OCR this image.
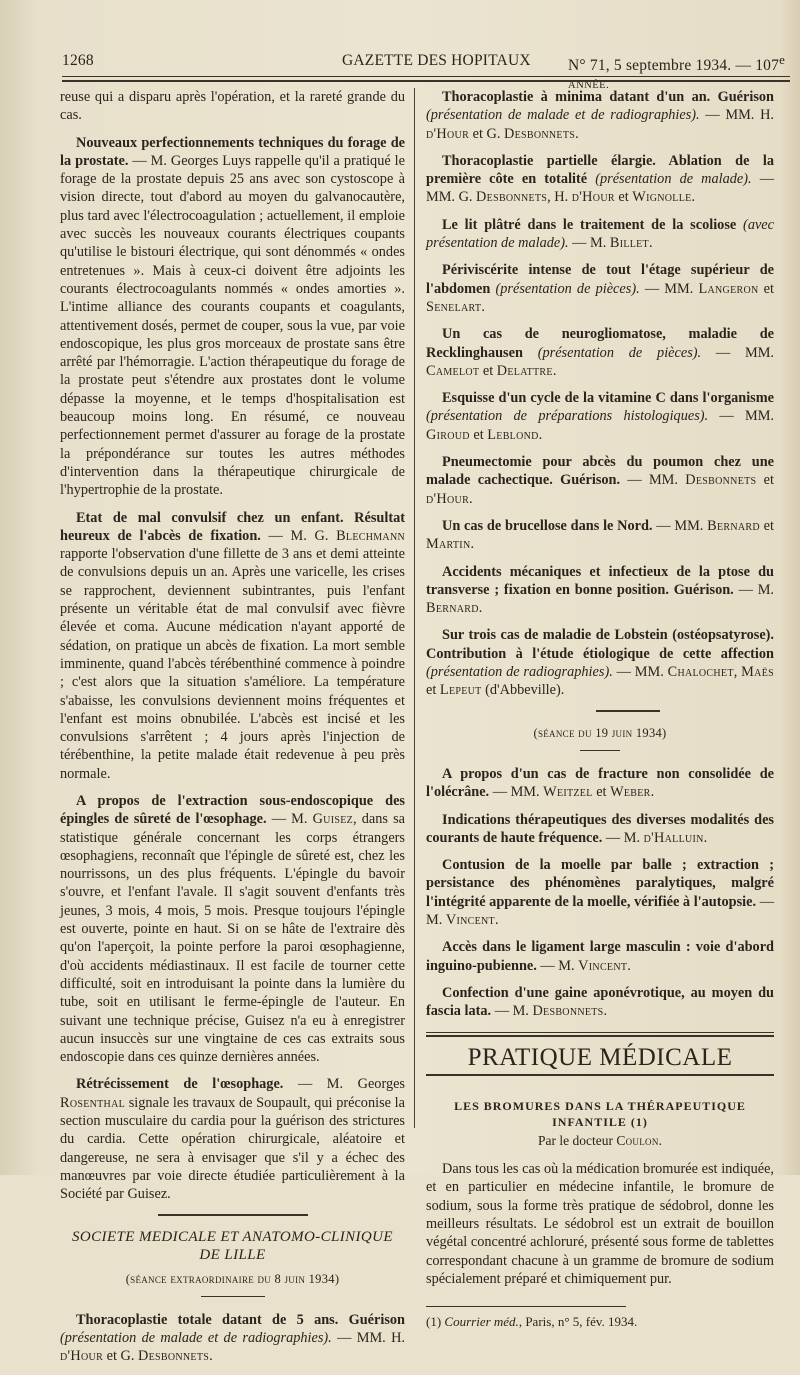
1268	GAZETTE DES HOPITAUX N° 71, 5 septembre 1934. — 107e ANNÉE.

reuse qui a disparu après l'opération, et la rareté grande du cas.

Nouveaux perfectionnements techniques du forage de la prostate. — M. Georges Luys rappelle qu'il a pratiqué le forage de la prostate depuis 25 ans avec son cystoscope à vision directe, tout d'abord au moyen du galvanocautère, plus tard avec l'électrocoagulation ; actuellement, il emploie avec succès les nouveaux courants électriques coupants qu'utilise le bistouri électrique, qui sont dénommés « ondes entretenues ». Mais à ceux-ci doivent être adjoints les courants électrocoagulants nommés « ondes amorties ». L'intime alliance des courants coupants et coagulants, attentivement dosés, permet de couper, sous la vue, par voie endoscopique, les plus gros morceaux de prostate sans être arrêté par l'hémorragie. L'action thérapeutique du forage de la prostate peut s'étendre aux prostates dont le volume dépasse la moyenne, et le temps d'hospitalisation est beaucoup moins long. En résumé, ce nouveau perfectionnement permet d'assurer au forage de la prostate la prépondérance sur toutes les autres méthodes d'intervention dans la thérapeutique chirurgicale de l'hypertrophie de la prostate.

Etat de mal convulsif chez un enfant. Résultat heureux de l'abcès de fixation. — M. G. Blechmann rapporte l'observation d'une fillette de 3 ans et demi atteinte de convulsions depuis un an. Après une varicelle, les crises se rapprochent, deviennent subintrantes, puis l'enfant présente un véritable état de mal convulsif avec fièvre élevée et coma. Aucune médication n'ayant apporté de sédation, on pratique un abcès de fixation. La mort semble imminente, quand l'abcès térébenthiné commence à poindre ; c'est alors que la situation s'améliore. La température s'abaisse, les convulsions deviennent moins fréquentes et l'enfant est moins obnubilée. L'abcès est incisé et les convulsions s'arrêtent ; 4 jours après l'injection de térébenthine, la petite malade était redevenue à peu près normale.

A propos de l'extraction sous-endoscopique des épingles de sûreté de l'œsophage. — M. Guisez, dans sa statistique générale concernant les corps étrangers œsophagiens, reconnaît que l'épingle de sûreté est, chez les nourrissons, un des plus fréquents. L'épingle du bavoir s'ouvre, et l'enfant l'avale. Il s'agit souvent d'enfants très jeunes, 3 mois, 4 mois, 5 mois. Presque toujours l'épingle est ouverte, pointe en haut. Si on se hâte de l'extraire dès qu'on l'aperçoit, la pointe perfore la paroi œsophagienne, d'où accidents médiastinaux. Il est facile de tourner cette difficulté, soit en introduisant la pointe dans la lumière du tube, soit en utilisant le ferme-épingle de l'auteur. En suivant une technique précise, Guisez n'a eu à enregistrer aucun insuccès sur une vingtaine de ces cas extraits sous endoscopie dans ces quinze dernières années.

Rétrécissement de l'œsophage. — M. Georges Rosenthal signale les travaux de Soupault, qui préconise la section musculaire du cardia pour la guérison des strictures du cardia. Cette opération chirurgicale, aléatoire et dangereuse, ne sera à envisager que s'il y a échec des manœuvres par voie directe étudiée particulièrement à la Société par Guisez.

SOCIETE MEDICALE ET ANATOMO-CLINIQUE DE LILLE
(séance extraordinaire du 8 juin 1934)

Thoracoplastie totale datant de 5 ans. Guérison (présentation de malade et de radiographies). — MM. H. d'Hour et G. Desbonnets.

Thoracoplastie à minima datant d'un an. Guérison (présentation de malade et de radiographies). — MM. H. d'Hour et G. Desbonnets.

Thoracoplastie partielle élargie. Ablation de la première côte en totalité (présentation de malade). — MM. G. Desbonnets, H. d'Hour et Wignolle.

Le lit plâtré dans le traitement de la scoliose (avec présentation de malade). — M. Billet.

Périviscérite intense de tout l'étage supérieur de l'abdomen (présentation de pièces). — MM. Langeron et Senelart.

Un cas de neurogliomatose, maladie de Recklinghausen (présentation de pièces). — MM. Camelot et Delattre.

Esquisse d'un cycle de la vitamine C dans l'organisme (présentation de préparations histologiques). — MM. Giroud et Leblond.

Pneumectomie pour abcès du poumon chez une malade cachectique. Guérison. — MM. Desbonnets et d'Hour.

Un cas de brucellose dans le Nord. — MM. Bernard et Martin.

Accidents mécaniques et infectieux de la ptose du transverse ; fixation en bonne position. Guérison. — M. Bernard.

Sur trois cas de maladie de Lobstein (ostéopsatyrose). Contribution à l'étude étiologique de cette affection (présentation de radiographies). — MM. Chalochet, Maës et Lepeut (d'Abbeville).

(séance du 19 juin 1934)

A propos d'un cas de fracture non consolidée de l'olécrâne. — MM. Weitzel et Weber.

Indications thérapeutiques des diverses modalités des courants de haute fréquence. — M. d'Halluin.

Contusion de la moelle par balle ; extraction ; persistance des phénomènes paralytiques, malgré l'intégrité apparente de la moelle, vérifiée à l'autopsie. — M. Vincent.

Accès dans le ligament large masculin : voie d'abord inguino-pubienne. — M. Vincent.

Confection d'une gaine aponévrotique, au moyen du fascia lata. — M. Desbonnets.

PRATIQUE MÉDICALE
LES BROMURES DANS LA THÉRAPEUTIQUE INFANTILE (1)
Par le docteur Coulon.

Dans tous les cas où la médication bromurée est indiquée, et en particulier en médecine infantile, le bromure de sodium, sous la forme très pratique de sédobrol, donne les meilleurs résultats. Le sédobrol est un extrait de bouillon végétal concentré achloruré, présenté sous forme de tablettes correspondant chacune à un gramme de bromure de sodium spécialement préparé et chimiquement pur.

(1) Courrier méd., Paris, n° 5, fév. 1934.
